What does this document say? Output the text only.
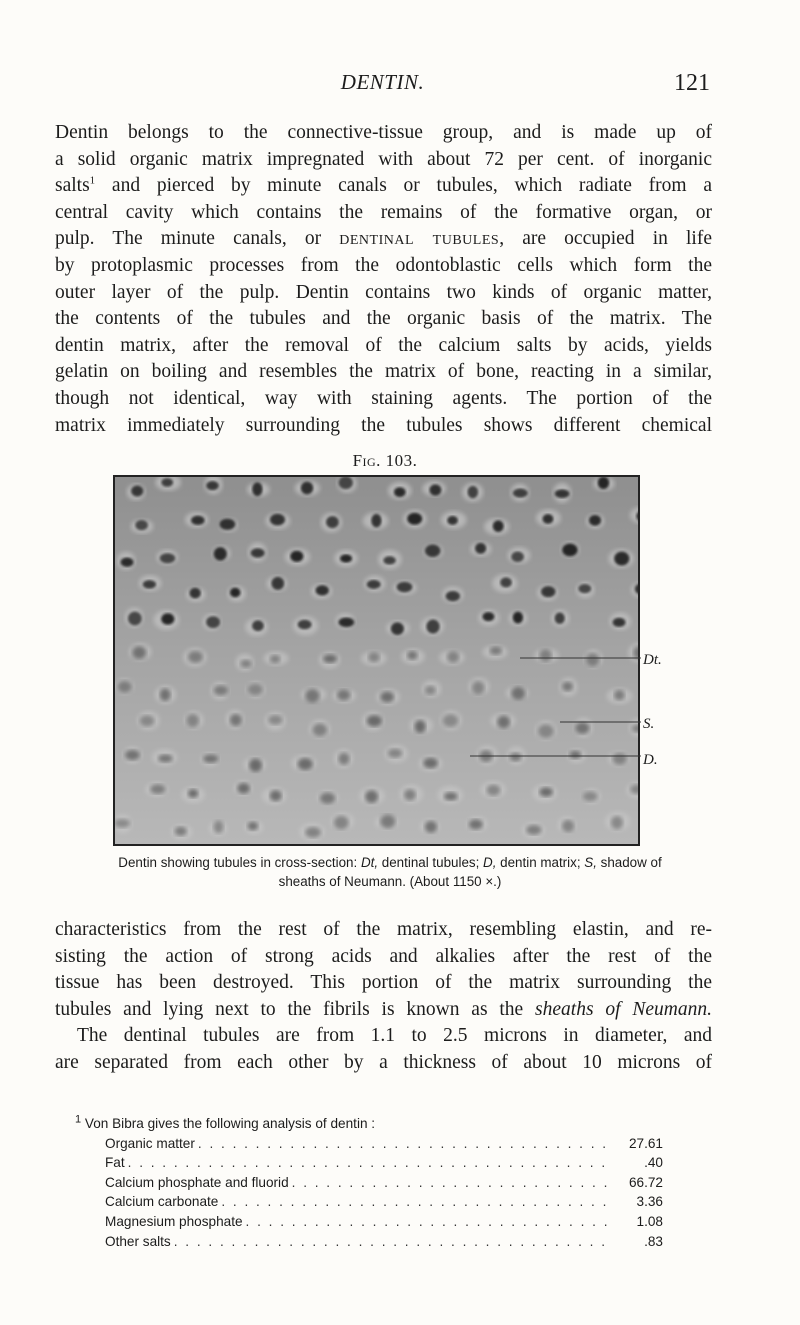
DENTIN.	121
Dentin belongs to the connective-tissue group, and is made up of
a solid organic matrix impregnated with about 72 per cent. of inorganic
salts$^1$ and pierced by minute canals or tubules, which radiate from a
central cavity which contains the remains of the formative organ, or
pulp. The minute canals, or dentinal tubules, are occupied in life
by protoplasmic processes from the odontoblastic cells which form the
outer layer of the pulp. Dentin contains two kinds of organic matter,
the contents of the tubules and the organic basis of the matrix. The
dentin matrix, after the removal of the calcium salts by acids, yields
gelatin on boiling and resembles the matrix of bone, reacting in a similar,
though not identical, way with staining agents. The portion of the
matrix immediately surrounding the tubules shows different chemical
Fig. 103.
Dt.
S.
D.
Dentin showing tubules in cross-section: Dt, dentinal tubules; D, dentin matrix; S, shadow of
sheaths of Neumann. (About 1150 ×.)
characteristics from the rest of the matrix, resembling elastin, and re-
sisting the action of strong acids and alkalies after the rest of the
tissue has been destroyed. This portion of the matrix surrounding the
tubules and lying next to the fibrils is known as the sheaths of Neumann.
The dentinal tubules are from 1.1 to 2.5 microns in diameter, and
are separated from each other by a thickness of about 10 microns of
$^1$ Von Bibra gives the following analysis of dentin :
Organic matter . . .	27.61
Fat . . .	.40
Calcium phosphate and fluorid . . .	66.72
Calcium carbonate . . .	3.36
Magnesium phosphate . . .	1.08
Other salts . . .	.83
